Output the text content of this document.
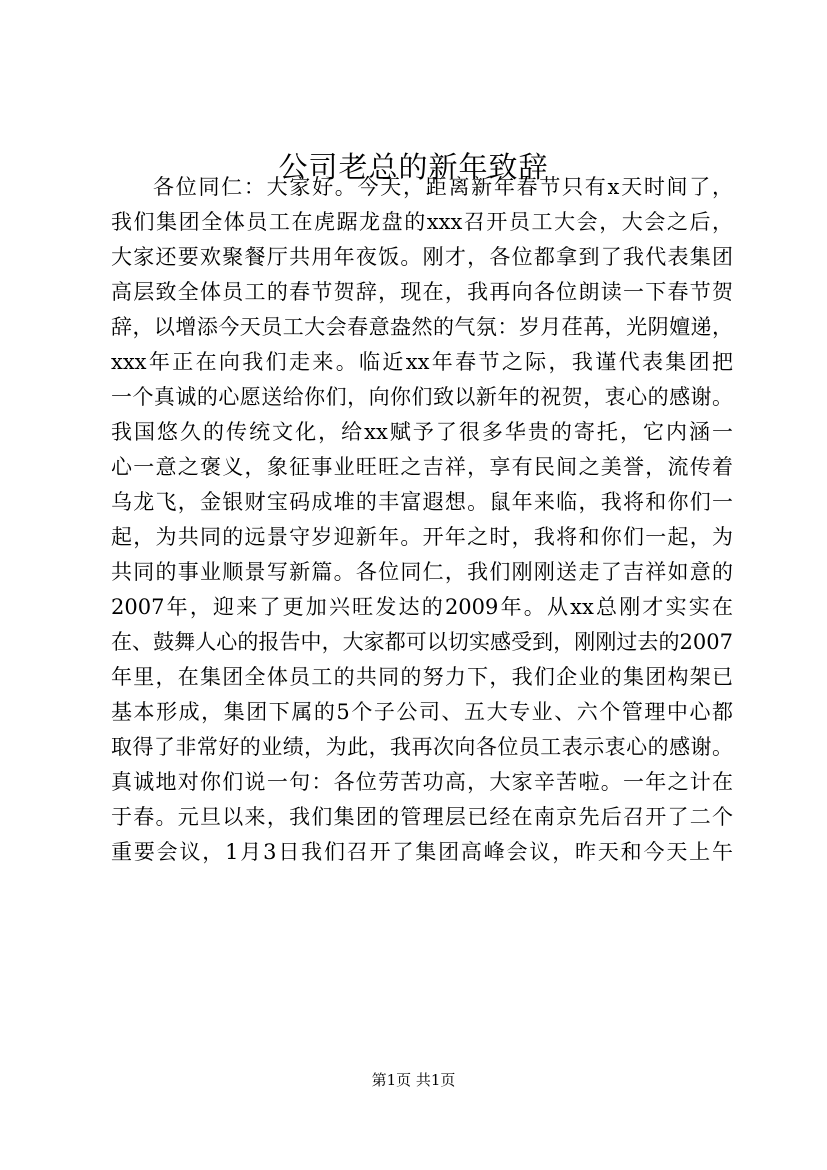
公司老总的新年致辞

各位同仁：大家好。今天，距离新年春节只有x天时间了，

我们集团全体员工在虎踞龙盘的xxx召开员工大会，大会之后，

大家还要欢聚餐厅共用年夜饭。刚才，各位都拿到了我代表集团

高层致全体员工的春节贺辞，现在，我再向各位朗读一下春节贺

辞，以增添今天员工大会春意盎然的气氛：岁月荏苒，光阴嬗递，

xxx年正在向我们走来。临近xx年春节之际，我谨代表集团把

一个真诚的心愿送给你们，向你们致以新年的祝贺，衷心的感谢。

我国悠久的传统文化，给xx赋予了很多华贵的寄托，它内涵一

心一意之褒义，象征事业旺旺之吉祥，享有民间之美誉，流传着

乌龙飞，金银财宝码成堆的丰富遐想。鼠年来临，我将和你们一

起，为共同的远景守岁迎新年。开年之时，我将和你们一起，为

共同的事业顺景写新篇。各位同仁，我们刚刚送走了吉祥如意的

2007年，迎来了更加兴旺发达的2009年。从xx总刚才实实在

在、鼓舞人心的报告中，大家都可以切实感受到，刚刚过去的2007

年里，在集团全体员工的共同的努力下，我们企业的集团构架已

基本形成，集团下属的5个子公司、五大专业、六个管理中心都

取得了非常好的业绩，为此，我再次向各位员工表示衷心的感谢。

真诚地对你们说一句：各位劳苦功高，大家辛苦啦。一年之计在

于春。元旦以来，我们集团的管理层已经在南京先后召开了二个

重要会议，1月3日我们召开了集团高峰会议，昨天和今天上午

第1页 共1页
